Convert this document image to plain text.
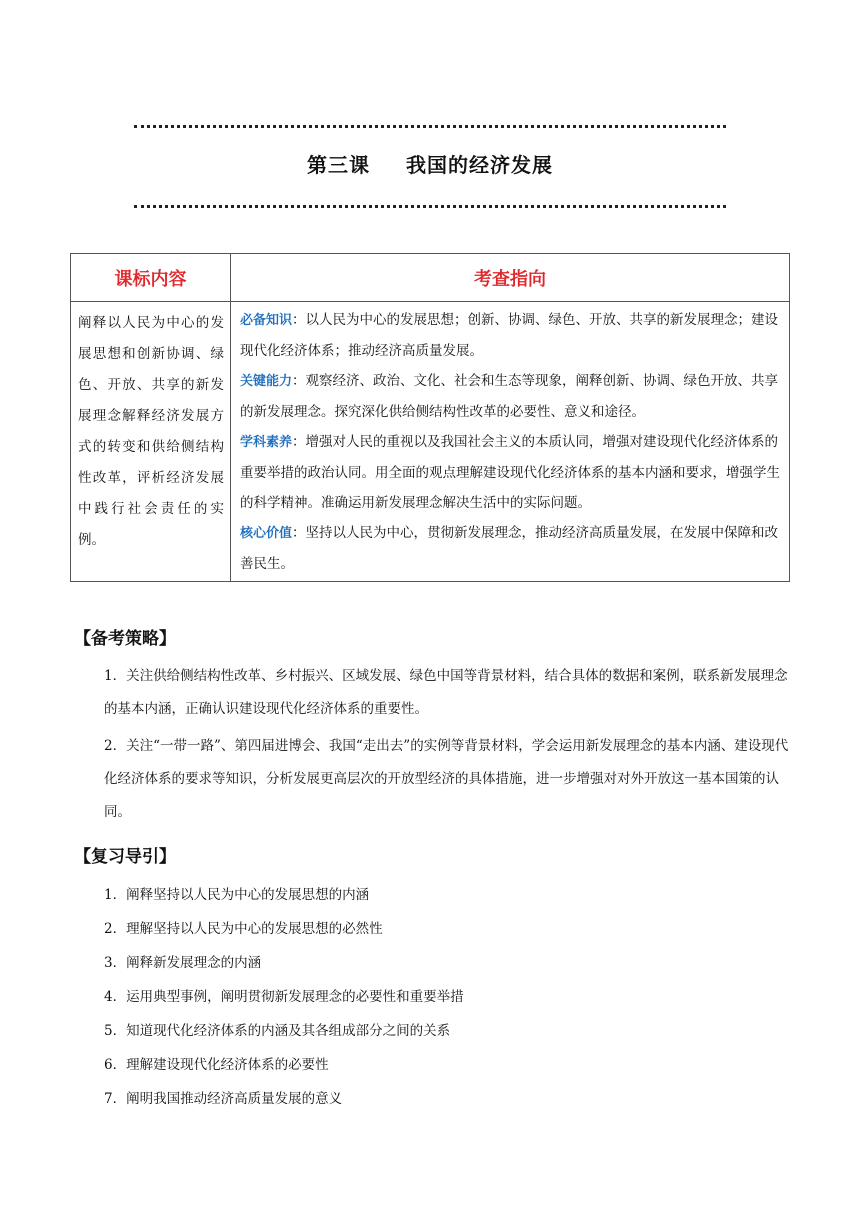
第三课 我国的经济发展
课标内容	考查指向
阐释以人民为中心的发展思想和创新协调、绿色、开放、共享的新发展理念解释经济发展方式的转变和供给侧结构性改革，评析经济发展中践行社会责任的实例。	必备知识：以人民为中心的发展思想；创新、协调、绿色、开放、共享的新发展理念；建设现代化经济体系；推动经济高质量发展。

关键能力：观察经济、政治、文化、社会和生态等现象，阐释创新、协调、绿色开放、共享的新发展理念。探究深化供给侧结构性改革的必要性、意义和途径。

学科素养：增强对人民的重视以及我国社会主义的本质认同，增强对建设现代化经济体系的重要举措的政治认同。用全面的观点理解建设现代化经济体系的基本内涵和要求，增强学生的科学精神。准确运用新发展理念解决生活中的实际问题。

核心价值：坚持以人民为中心，贯彻新发展理念，推动经济高质量发展，在发展中保障和改善民生。

【备考策略】

1．关注供给侧结构性改革、乡村振兴、区域发展、绿色中国等背景材料，结合具体的数据和案例，联系新发展理念的基本内涵，正确认识建设现代化经济体系的重要性。

2．关注“一带一路”、第四届进博会、我国“走出去”的实例等背景材料，学会运用新发展理念的基本内涵、建设现代化经济体系的要求等知识，分析发展更高层次的开放型经济的具体措施，进一步增强对对外开放这一基本国策的认同。

【复习导引】
1．阐释坚持以人民为中心的发展思想的内涵
2．理解坚持以人民为中心的发展思想的必然性
3．阐释新发展理念的内涵
4．运用典型事例，阐明贯彻新发展理念的必要性和重要举措
5．知道现代化经济体系的内涵及其各组成部分之间的关系
6．理解建设现代化经济体系的必要性
7．阐明我国推动经济高质量发展的意义
